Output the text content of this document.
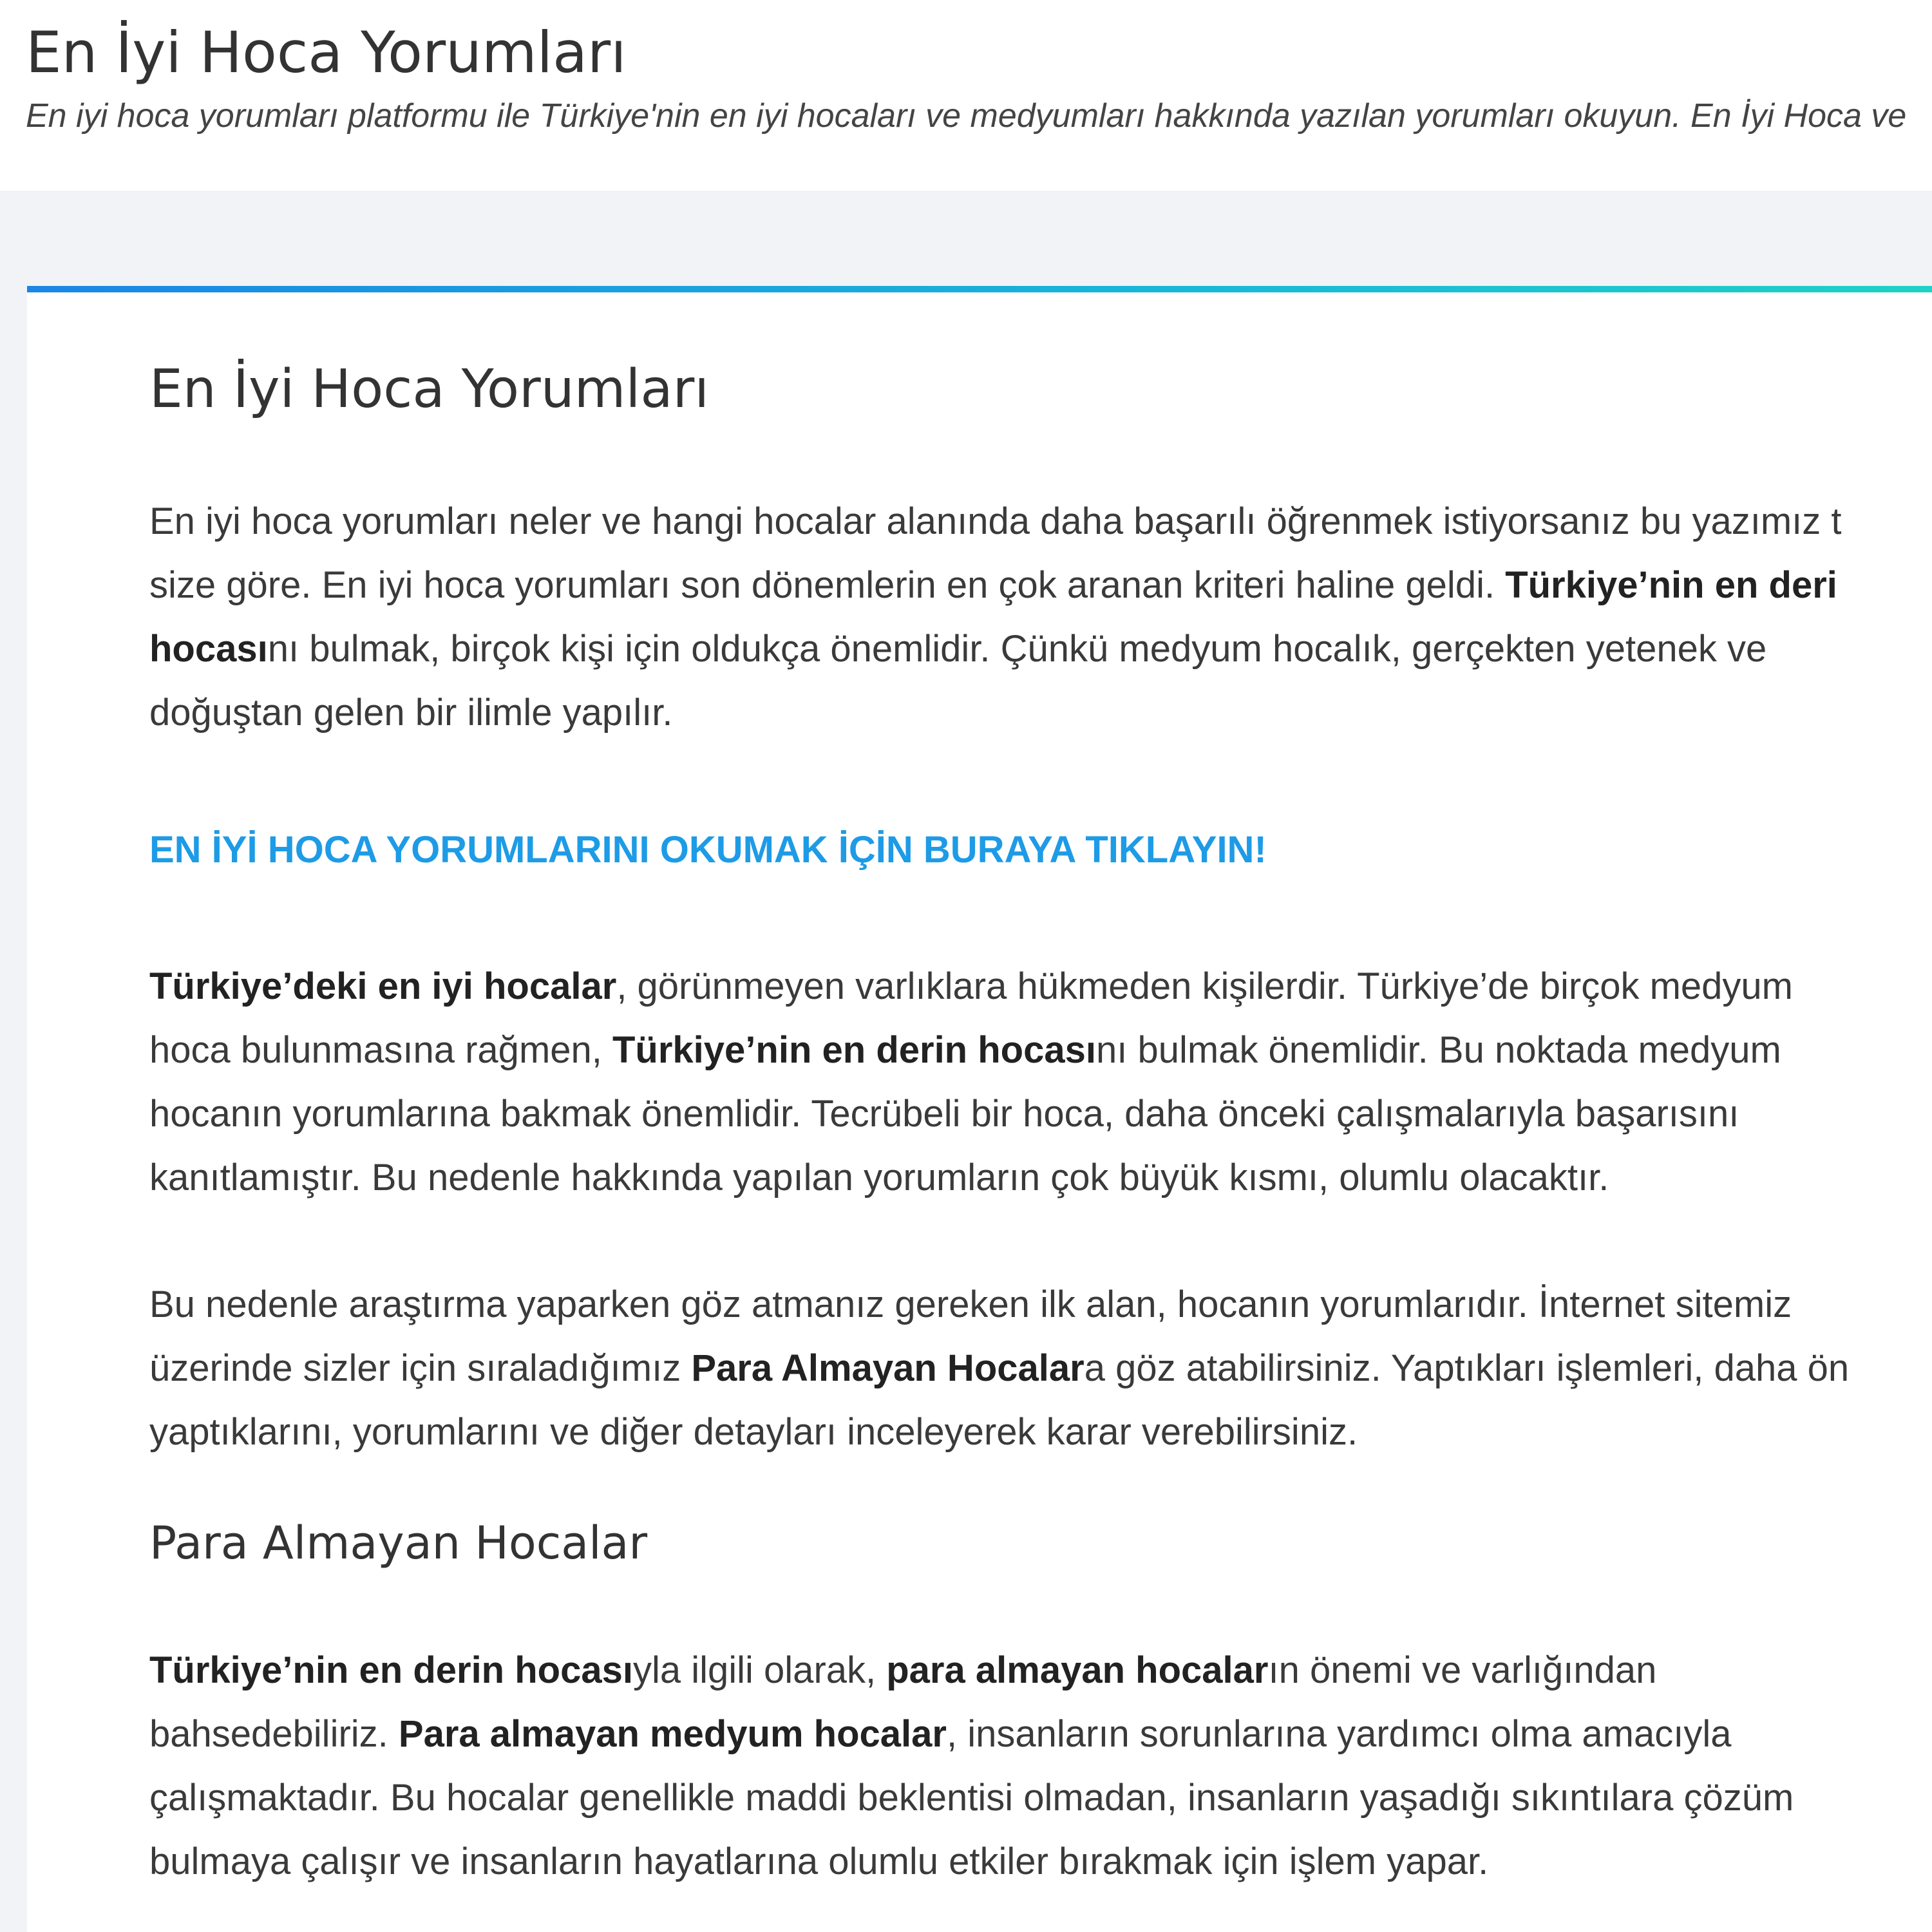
En İyi Hoca Yorumları

En iyi hoca yorumları platformu ile Türkiye'nin en iyi hocaları ve medyumları hakkında yazılan yorumları okuyun. En İyi Hoca ve

En İyi Hoca Yorumları
EN İYİ HOCA YORUMLARINI OKUMAK İÇİN BURAYA TIKLAYIN!
Para Almayan Hocalar

En iyi hoca yorumları neler ve hangi hocalar alanında daha başarılı öğrenmek istiyorsanız bu yazımız t
size göre. En iyi hoca yorumları son dönemlerin en çok aranan kriteri haline geldi. Türkiye’nin en deri
hocasını bulmak, birçok kişi için oldukça önemlidir. Çünkü medyum hocalık, gerçekten yetenek ve
doğuştan gelen bir ilimle yapılır.

Türkiye’deki en iyi hocalar, görünmeyen varlıklara hükmeden kişilerdir. Türkiye’de birçok medyum
hoca bulunmasına rağmen, Türkiye’nin en derin hocasını bulmak önemlidir. Bu noktada medyum
hocanın yorumlarına bakmak önemlidir. Tecrübeli bir hoca, daha önceki çalışmalarıyla başarısını
kanıtlamıştır. Bu nedenle hakkında yapılan yorumların çok büyük kısmı, olumlu olacaktır.

Bu nedenle araştırma yaparken göz atmanız gereken ilk alan, hocanın yorumlarıdır. İnternet sitemiz
üzerinde sizler için sıraladığımız Para Almayan Hocalara göz atabilirsiniz. Yaptıkları işlemleri, daha ön
yaptıklarını, yorumlarını ve diğer detayları inceleyerek karar verebilirsiniz.

Türkiye’nin en derin hocasıyla ilgili olarak, para almayan hocaların önemi ve varlığından
bahsedebiliriz. Para almayan medyum hocalar, insanların sorunlarına yardımcı olma amacıyla
çalışmaktadır. Bu hocalar genellikle maddi beklentisi olmadan, insanların yaşadığı sıkıntılara çözüm
bulmaya çalışır ve insanların hayatlarına olumlu etkiler bırakmak için işlem yapar.
